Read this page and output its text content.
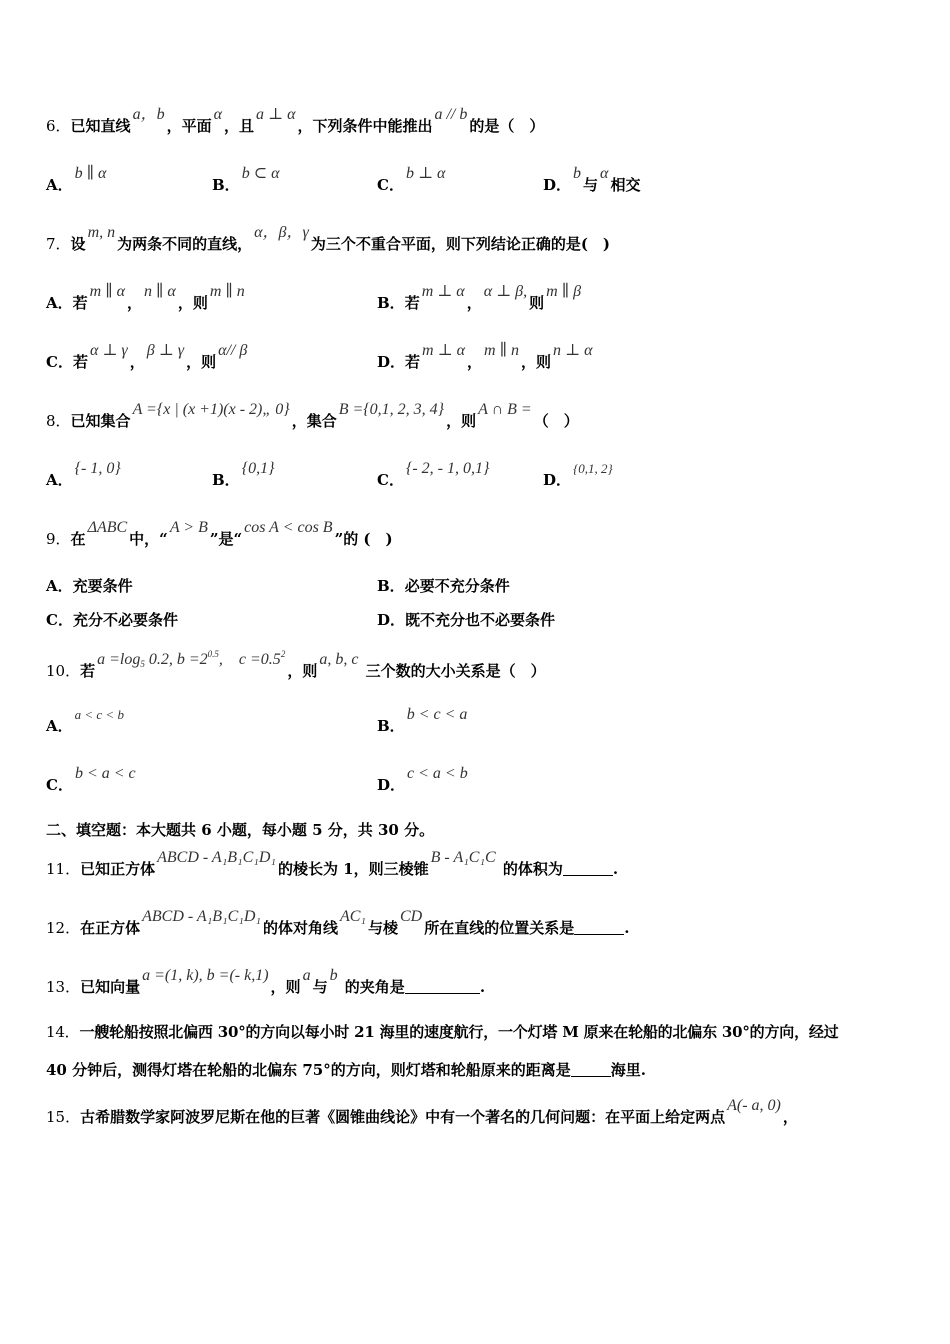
6．已知直线a，b，平面α，且a ⊥ α，下列条件中能推出a // b的是（　）
A．b ∥ α
B．b ⊂ α
C．b ⊥ α
D．b与α相交
7．设m, n为两条不同的直线，α，β，γ为三个不重合平面，则下列结论正确的是(　)
A．若m ∥ α，n ∥ α，则m ∥ n
B．若m ⊥ α，α ⊥ β,则m ∥ β
C．若α ⊥ γ，β ⊥ γ，则α// β
D．若m ⊥ α，m ∥ n，则n ⊥ α
8．已知集合A ={x | (x +1)(x - 2)„ 0}，集合B ={0,1, 2, 3, 4}，则A ∩ B =（　）
A．{- 1, 0}
B．{0,1}
C．{- 2, - 1, 0,1}
D．{0,1, 2}
9．在ΔABC中，“A > B”是“cos A < cos B”的 (　)
A．充要条件	B．必要不充分条件
C．充分不必要条件	D．既不充分也不必要条件
10．若$a =\log_5$ 0.2, $b =2^{0.5}$,　$c =0.5^2$，则a, b, c 三个数的大小关系是（　）
A．a < c < b
B．b < c < a
C．b < a < c
D．c < a < b
二、填空题：本大题共 6 小题，每小题 5 分，共 30 分。
11．已知正方体ABCD - A₁B₁C₁D₁的棱长为 1，则三棱锥B - A₁C₁C 的体积为	.
12．在正方体ABCD - A₁B₁C₁D₁的体对角线AC₁与棱CD所在直线的位置关系是	.
13．已知向量a =(1, k), b =(- k,1)，则a与b 的夹角是	.
14．一艘轮船按照北偏西 30°的方向以每小时 21 海里的速度航行，一个灯塔 M 原来在轮船的北偏东 30°的方向，经过
40 分钟后，测得灯塔在轮船的北偏东 75°的方向，则灯塔和轮船原来的距离是	海里.
15．古希腊数学家阿波罗尼斯在他的巨著《圆锥曲线论》中有一个著名的几何问题：在平面上给定两点A(- a, 0)，
